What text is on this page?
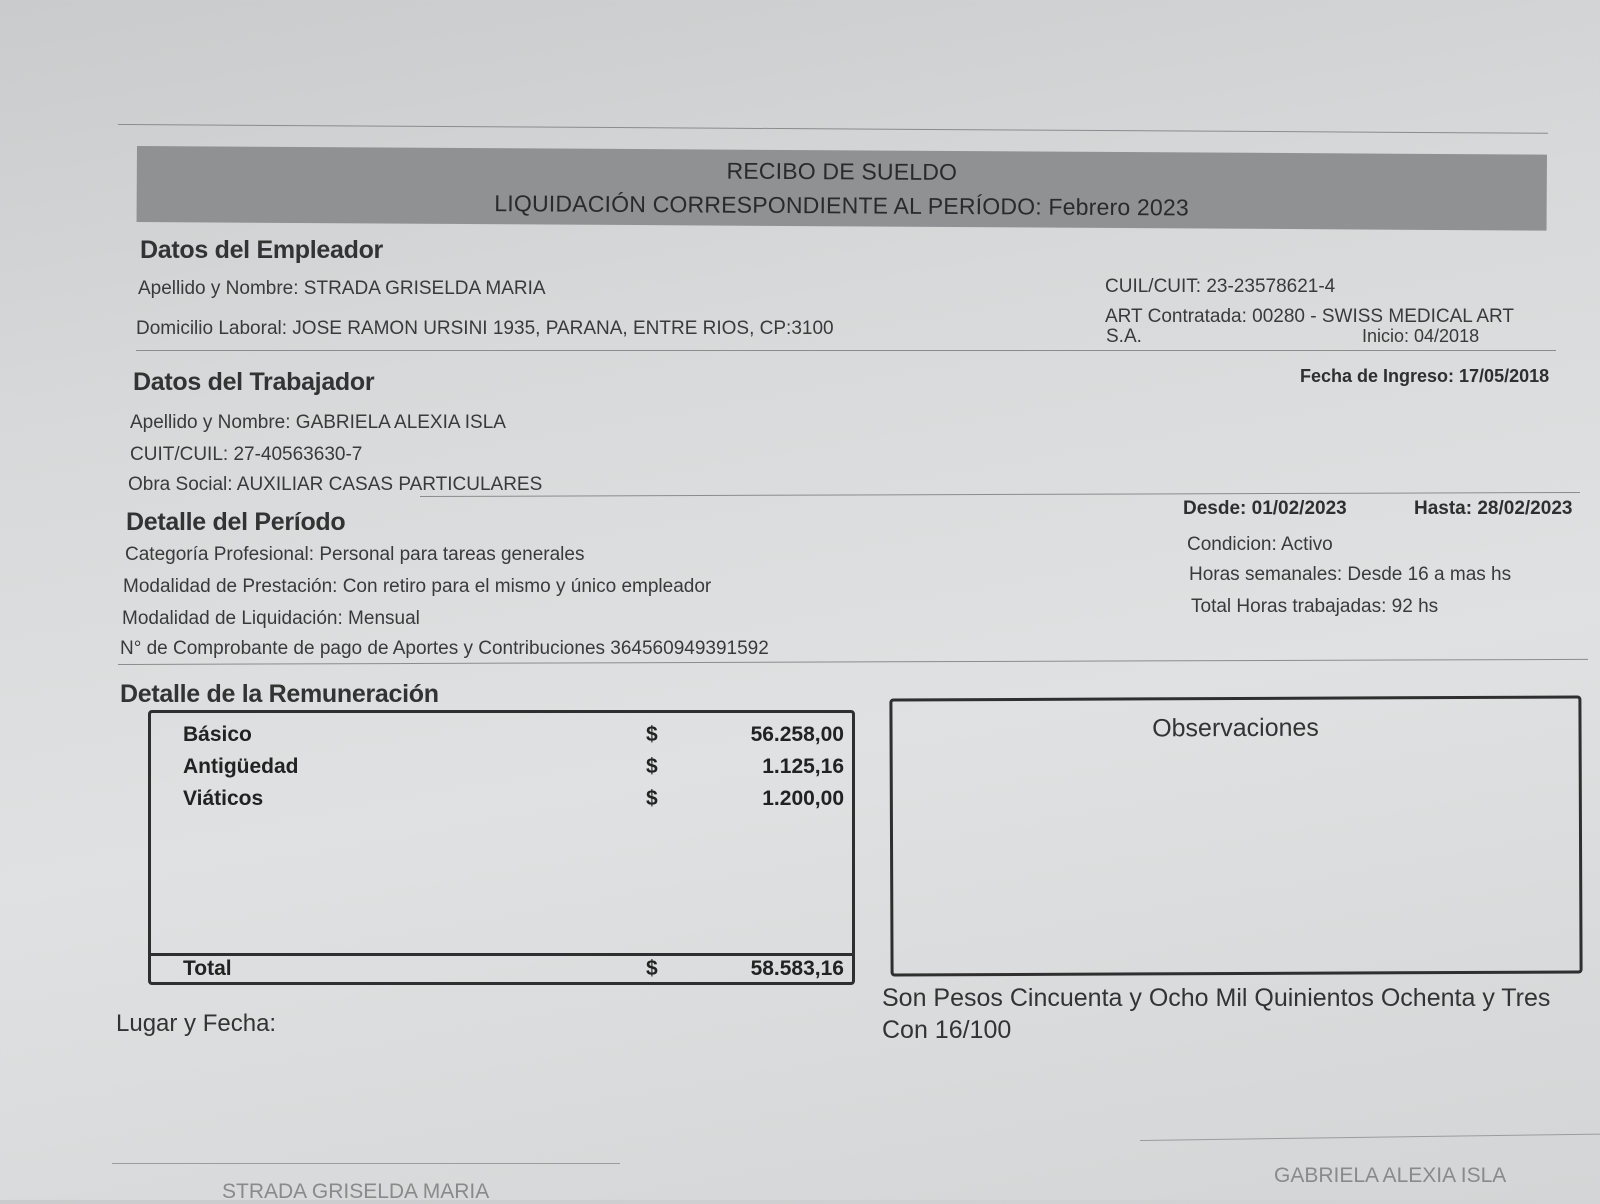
RECIBO DE SUELDO
LIQUIDACIÓN CORRESPONDIENTE AL PERÍODO: Febrero 2023
Datos del Empleador
Apellido y Nombre: STRADA GRISELDA MARIA
Domicilio Laboral: JOSE RAMON URSINI 1935, PARANA, ENTRE RIOS, CP:3100
CUIL/CUIT: 23-23578621-4
ART Contratada: 00280 - SWISS MEDICAL ART
S.A.	Inicio: 04/2018
Datos del Trabajador	Fecha de Ingreso: 17/05/2018
Apellido y Nombre: GABRIELA ALEXIA ISLA
CUIT/CUIL: 27-40563630-7
Obra Social: AUXILIAR CASAS PARTICULARES
Detalle del Período	Desde: 01/02/2023	Hasta: 28/02/2023
Categoría Profesional: Personal para tareas generales
Modalidad de Prestación: Con retiro para el mismo y único empleador
Modalidad de Liquidación: Mensual
N° de Comprobante de pago de Aportes y Contribuciones 364560949391592
Condicion: Activo
Horas semanales: Desde 16 a mas hs
Total Horas trabajadas: 92 hs
Detalle de la Remuneración
Básico	$	56.258,00
Antigüedad	$	1.125,16
Viáticos	$	1.200,00
Total	$	58.583,16
Observaciones
Son Pesos Cincuenta y Ocho Mil Quinientos Ochenta y Tres
Con 16/100
Lugar y Fecha:
STRADA GRISELDA MARIA
GABRIELA ALEXIA ISLA
